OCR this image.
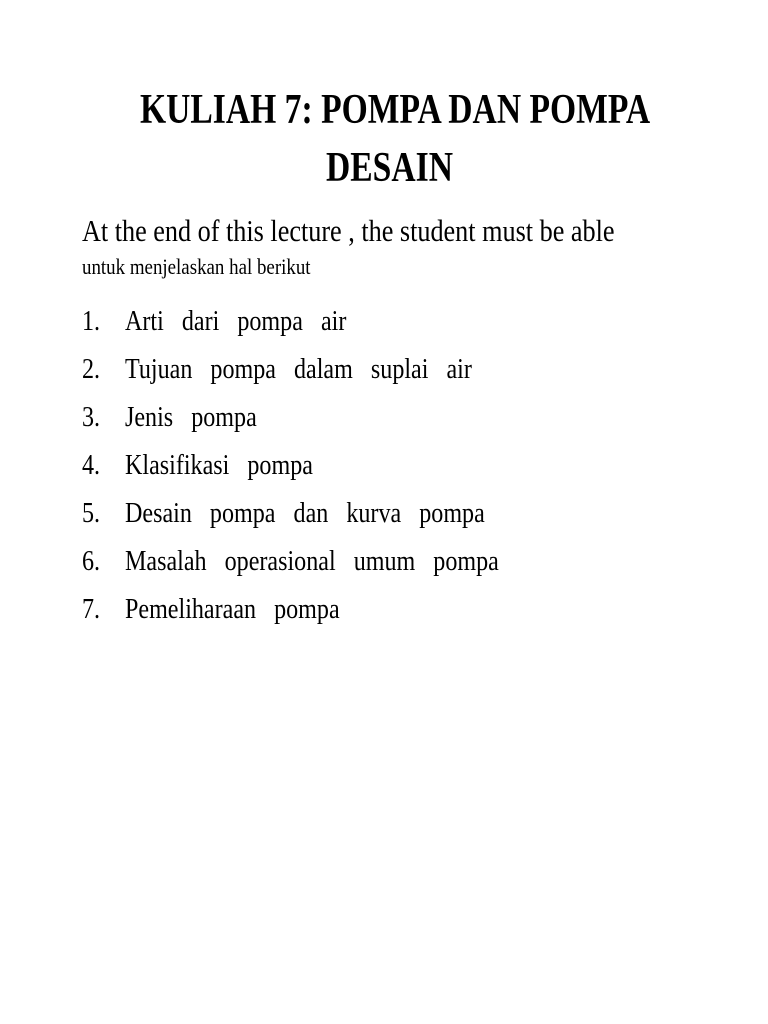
KULIAH 7: POMPA DAN POMPA
DESAIN
At the end of this lecture , the student must be able
untuk menjelaskan hal berikut
1. Arti dari pompa air
2. Tujuan pompa dalam suplai air
3. Jenis pompa
4. Klasifikasi pompa
5. Desain pompa dan kurva pompa
6. Masalah operasional umum pompa
7. Pemeliharaan pompa
